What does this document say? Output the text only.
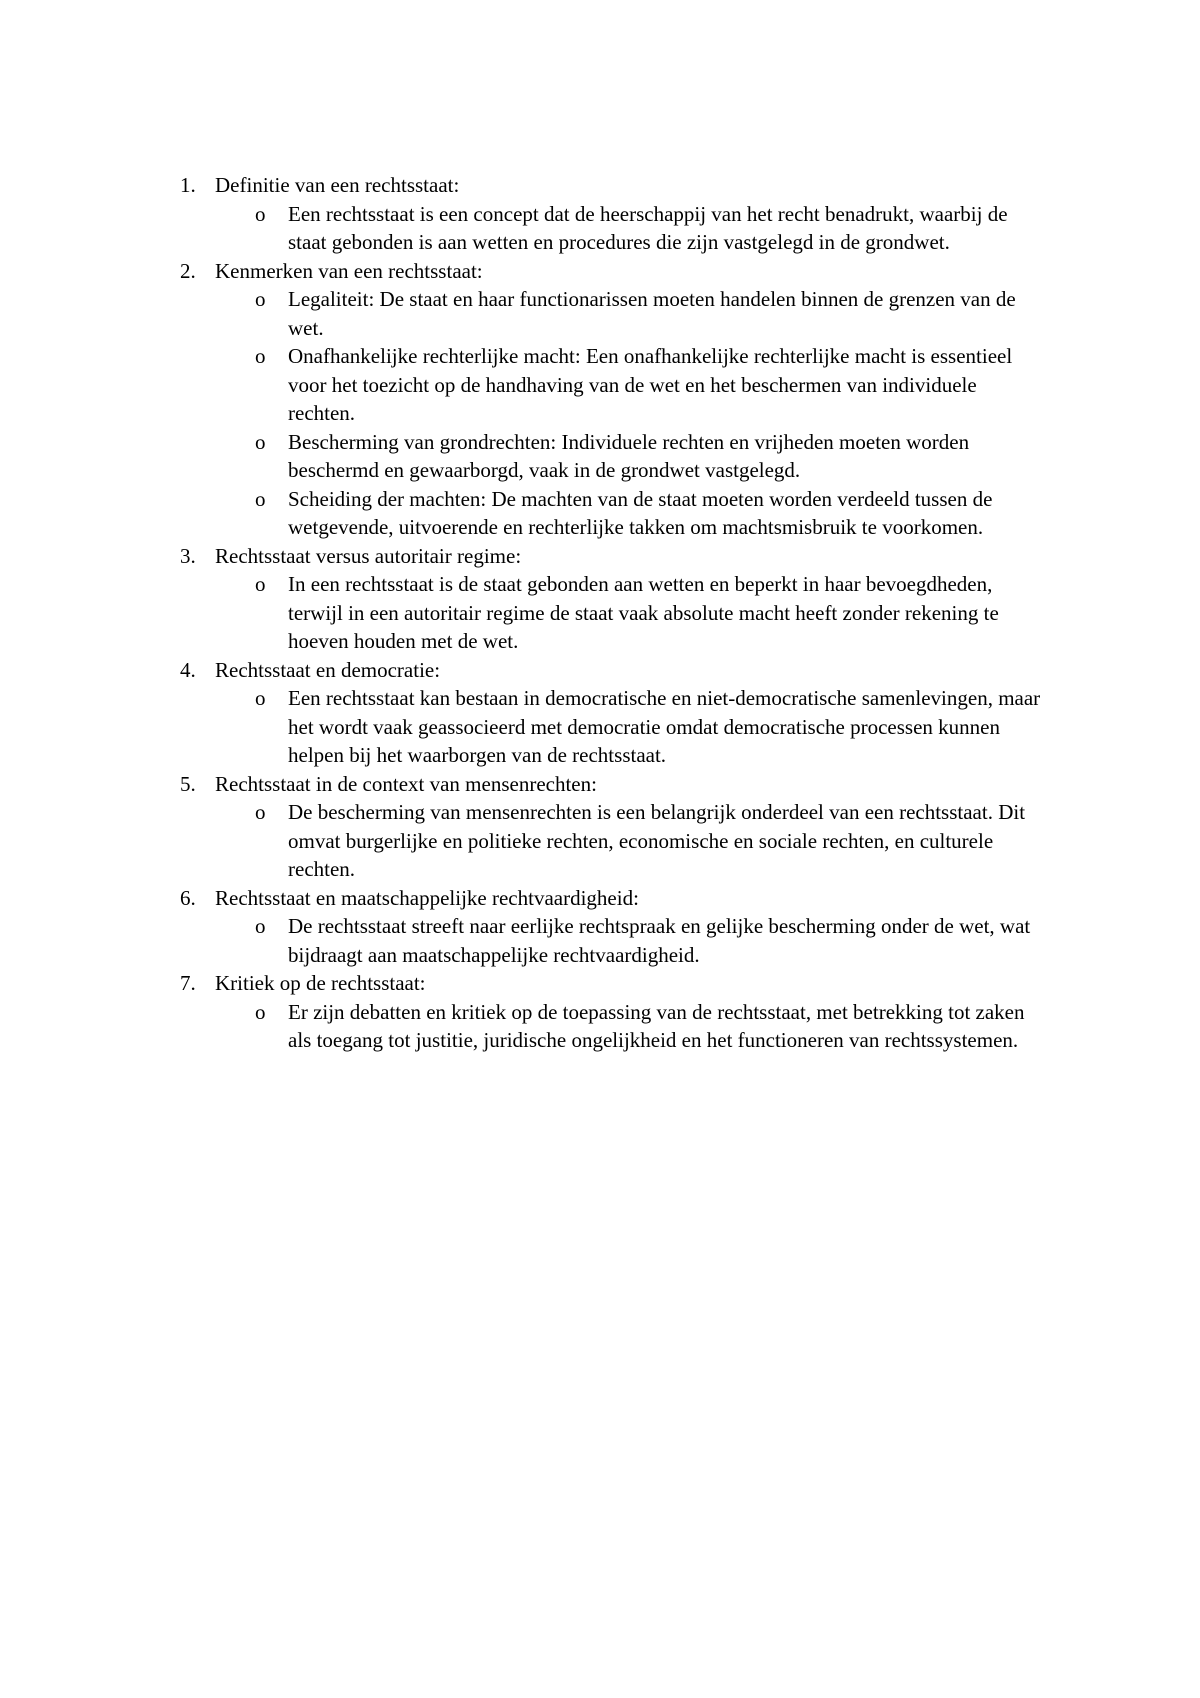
1. Definitie van een rechtsstaat:
o Een rechtsstaat is een concept dat de heerschappij van het recht benadrukt, waarbij de staat gebonden is aan wetten en procedures die zijn vastgelegd in de grondwet.
2. Kenmerken van een rechtsstaat:
o Legaliteit: De staat en haar functionarissen moeten handelen binnen de grenzen van de wet.
o Onafhankelijke rechterlijke macht: Een onafhankelijke rechterlijke macht is essentieel voor het toezicht op de handhaving van de wet en het beschermen van individuele rechten.
o Bescherming van grondrechten: Individuele rechten en vrijheden moeten worden beschermd en gewaarborgd, vaak in de grondwet vastgelegd.
o Scheiding der machten: De machten van de staat moeten worden verdeeld tussen de wetgevende, uitvoerende en rechterlijke takken om machtsmisbruik te voorkomen.
3. Rechtsstaat versus autoritair regime:
o In een rechtsstaat is de staat gebonden aan wetten en beperkt in haar bevoegdheden, terwijl in een autoritair regime de staat vaak absolute macht heeft zonder rekening te hoeven houden met de wet.
4. Rechtsstaat en democratie:
o Een rechtsstaat kan bestaan in democratische en niet-democratische samenlevingen, maar het wordt vaak geassocieerd met democratie omdat democratische processen kunnen helpen bij het waarborgen van de rechtsstaat.
5. Rechtsstaat in de context van mensenrechten:
o De bescherming van mensenrechten is een belangrijk onderdeel van een rechtsstaat. Dit omvat burgerlijke en politieke rechten, economische en sociale rechten, en culturele rechten.
6. Rechtsstaat en maatschappelijke rechtvaardigheid:
o De rechtsstaat streeft naar eerlijke rechtspraak en gelijke bescherming onder de wet, wat bijdraagt aan maatschappelijke rechtvaardigheid.
7. Kritiek op de rechtsstaat:
o Er zijn debatten en kritiek op de toepassing van de rechtsstaat, met betrekking tot zaken als toegang tot justitie, juridische ongelijkheid en het functioneren van rechtssystemen.
